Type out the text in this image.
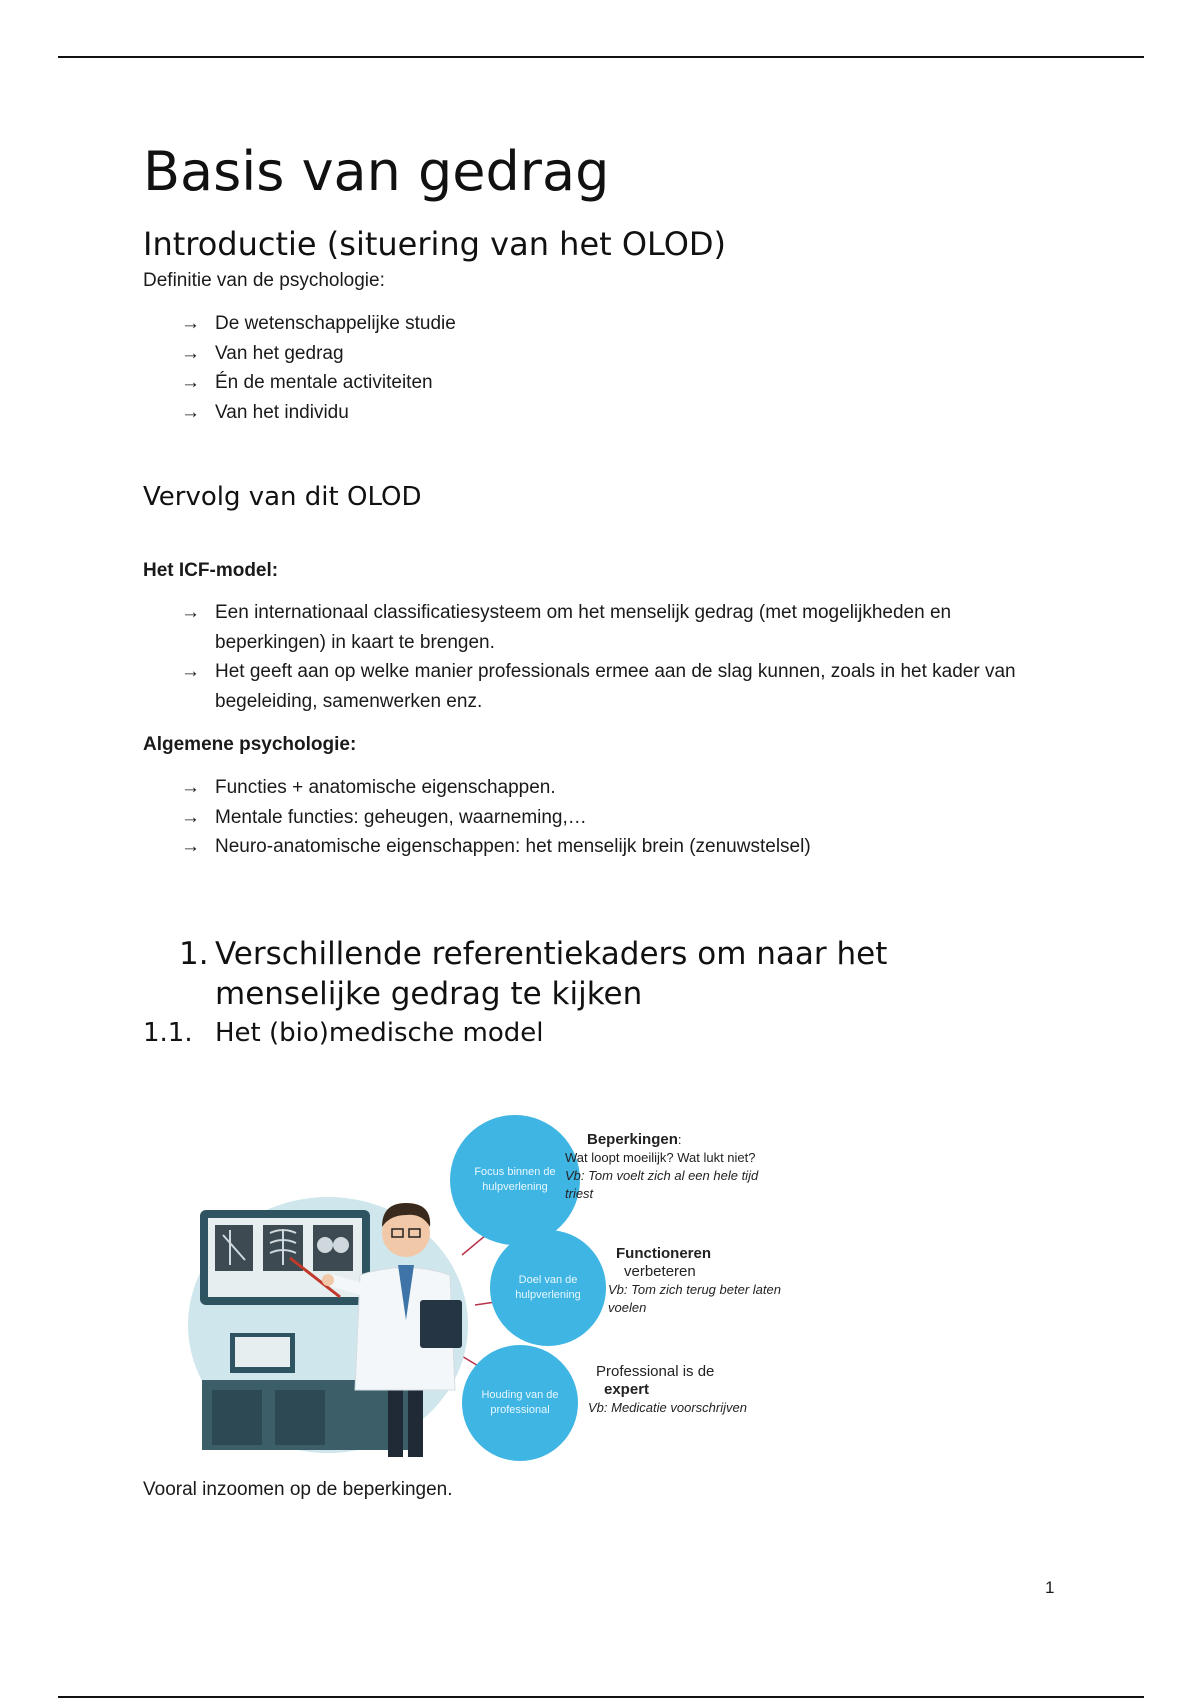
Basis van gedrag
Introductie (situering van het OLOD)
Definitie van de psychologie:
→ De wetenschappelijke studie
→ Van het gedrag
→ Én de mentale activiteiten
→ Van het individu
Vervolg van dit OLOD
Het ICF-model:
→ Een internationaal classificatiesysteem om het menselijk gedrag (met mogelijkheden en beperkingen) in kaart te brengen.
→ Het geeft aan op welke manier professionals ermee aan de slag kunnen, zoals in het kader van begeleiding, samenwerken enz.
Algemene psychologie:
→ Functies + anatomische eigenschappen.
→ Mentale functies: geheugen, waarneming,…
→ Neuro-anatomische eigenschappen: het menselijk brein (zenuwstelsel)
1. Verschillende referentiekaders om naar het menselijke gedrag te kijken
1.1. Het (bio)medische model
Focus binnen de hulpverlening
Doel van de hulpverlening
Houding van de professional
Beperkingen:
Wat loopt moeilijk? Wat lukt niet?
Vb: Tom voelt zich al een hele tijd triest
Functioneren
verbeteren
Vb: Tom zich terug beter laten voelen
Professional is de
expert
Vb: Medicatie voorschrijven
Vooral inzoomen op de beperkingen.
1
